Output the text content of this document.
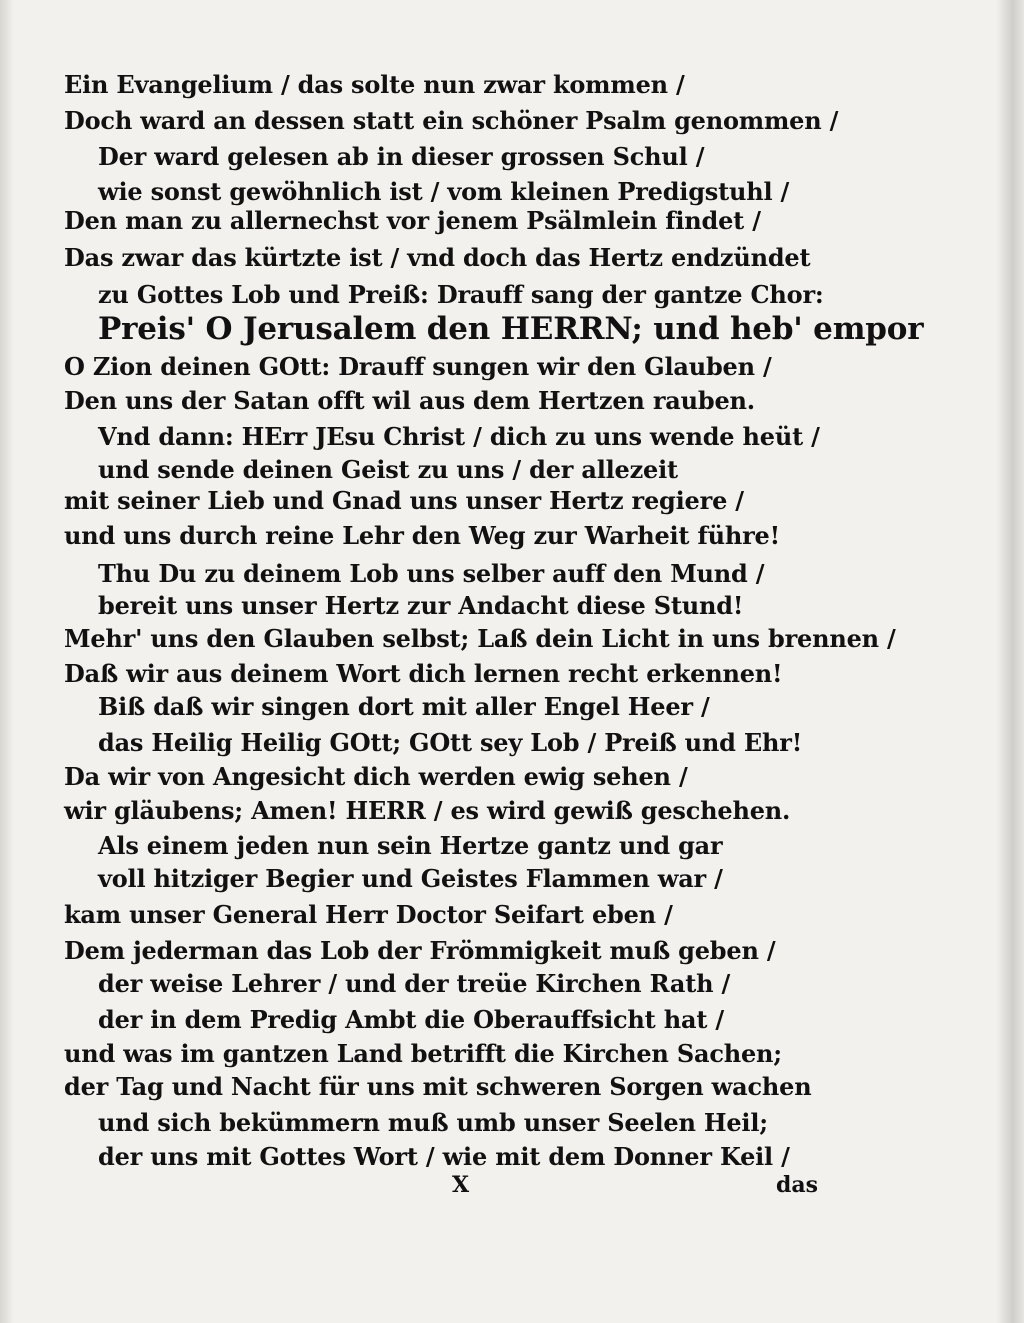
Ein Evangelium / das solte nun zwar kommen /
Doch ward an dessen statt ein schöner Psalm genommen /
Der ward gelesen ab in dieser grossen Schul /
wie sonst gewöhnlich ist / vom kleinen Predigstuhl /
Den man zu allernechst vor jenem Psälmlein findet /
Das zwar das kürtzte ist / vnd doch das Hertz endzündet
zu Gottes Lob und Preiß: Drauff sang der gantze Chor:
Preis' O Jerusalem den HERRN; und heb' empor
O Zion deinen GOtt: Drauff sungen wir den Glauben /
Den uns der Satan offt wil aus dem Hertzen rauben.
Vnd dann: HErr JEsu Christ / dich zu uns wende heüt /
und sende deinen Geist zu uns / der allezeit
mit seiner Lieb und Gnad uns unser Hertz regiere /
und uns durch reine Lehr den Weg zur Warheit führe!
Thu Du zu deinem Lob uns selber auff den Mund /
bereit uns unser Hertz zur Andacht diese Stund!
Mehr' uns den Glauben selbst; Laß dein Licht in uns brennen /
Daß wir aus deinem Wort dich lernen recht erkennen!
Biß daß wir singen dort mit aller Engel Heer /
das Heilig Heilig GOtt; GOtt sey Lob / Preiß und Ehr!
Da wir von Angesicht dich werden ewig sehen /
wir gläubens; Amen! HERR / es wird gewiß geschehen.
Als einem jeden nun sein Hertze gantz und gar
voll hitziger Begier und Geistes Flammen war /
kam unser General Herr Doctor Seifart eben /
Dem jederman das Lob der Frömmigkeit muß geben /
der weise Lehrer / und der treüe Kirchen Rath /
der in dem Predig Ambt die Oberauffsicht hat /
und was im gantzen Land betrifft die Kirchen Sachen;
der Tag und Nacht für uns mit schweren Sorgen wachen
und sich bekümmern muß umb unser Seelen Heil;
der uns mit Gottes Wort / wie mit dem Donner Keil /
X	das
